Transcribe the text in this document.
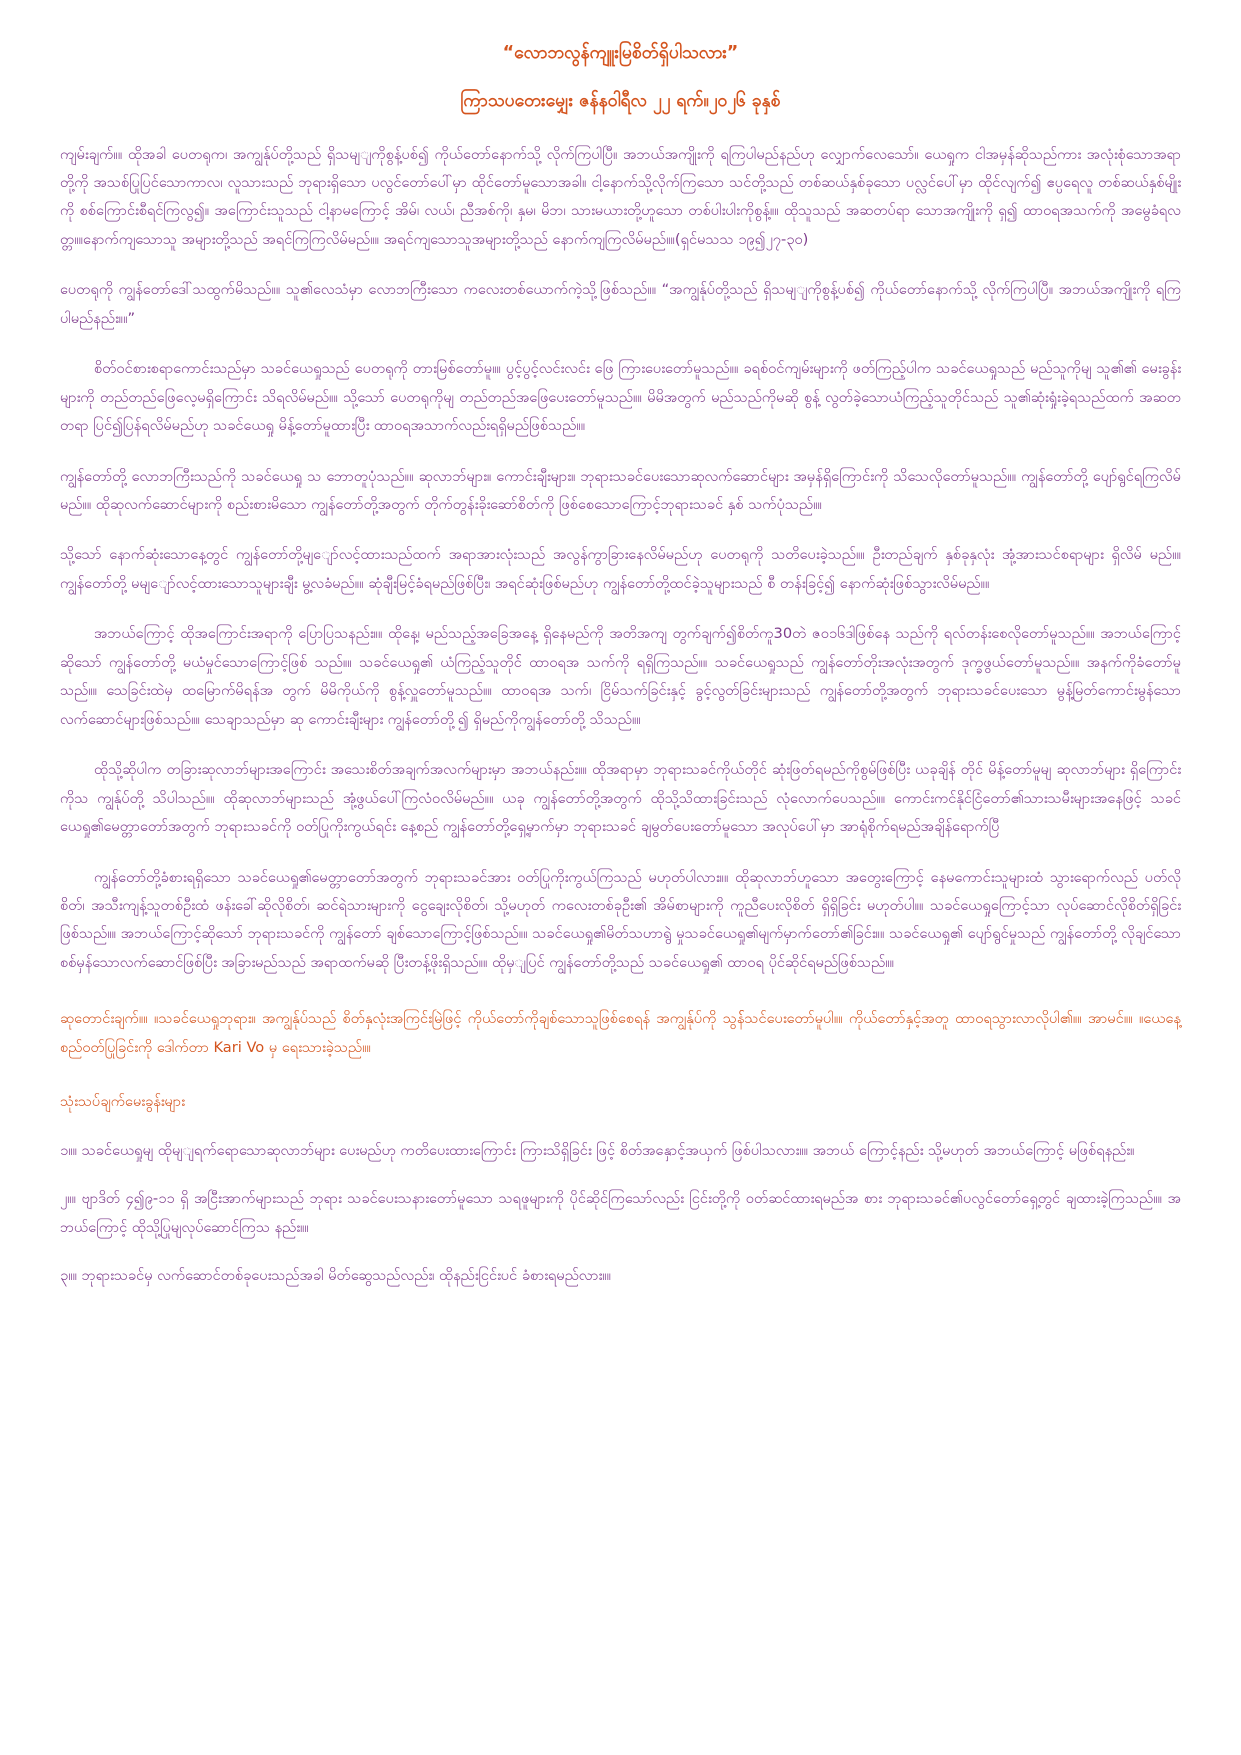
“လောဘလွန်ကျူးမြစိတ်ရှိပါသလား”
ကြာသပတေးမျှေး ဇန်နဝါရီလ ၂၂ ရက်။၂၀၂၆ ခုနှစ်
ကျမ်းချက်။။ ထိုအခါ ပေတရုက၊ အကျွန်ုပ်တို့သည် ရှိသမျျကိုစွန့်ပစ်၍ ကိုယ်တော်နောက်သို့ လိုက်ကြပါပြီ။ အဘယ်အကျိုးကို ရကြပါမည်နည်ဟု လျှောက်လေသော်။ ယေရှုက ငါအမှန်ဆိုသည်ကား အလုံးစုံသောအရာတို့ကို အသစ်ပြုပြင်သောကာလ၊ လူသားသည် ဘုရားရှိသော ပလွင်တော်ပေါ်မှာ ထိုင်တော်မူသောအခါ။ ငါ့နောက်သို့လိုက်ကြသော သင်တို့သည် တစ်ဆယ်နှစ်ခုသော ပလ္လင်ပေါ်မှာ ထိုင်လျက်၍ ဧပ္ပရေလူ တစ်ဆယ်နှစ်မျိုးကို စစ်ကြောင်းစီရင်ကြလွ၍။ အကြောင်းသူသည် ငါ့နာမကြောင့် အိမ်၊ လယ်၊ ညီအစ်ကို၊ နှမ၊ မိဘ၊ သားမယားတို့ဟူသော တစ်ပါးပါးကိုစွန့်။။ ထိုသူသည် အဆတပ်ရာ သောအကျိုးကို ရှ၍ ထာဝရအသက်ကို အမွေခံရလတ္တ။။နောက်ကျသောသူ အများတို့သည် အရင်ကြကြလိမ်မည်။။ အရင်ကျသောသူအများတို့သည် နောက်ကျကြလိမ်မည်။။(ရှင်မသသ ၁၉၍၂၇-၃၀)
ပေတရုကို ကျွန်တော်ဒေါ်သထွက်မိသည်။။ သူ၏လေသံမှာ လောဘကြီးသော ကလေးတစ်ယောက်ကဲ့သို့ဖြစ်သည်။။ “အကျွန်ုပ်တို့သည် ရှိသမျျကိုစွန့်ပစ်၍ ကိုယ်တော်နောက်သို့ လိုက်ကြပါပြီ။ အဘယ်အကျိုးကို ရကြပါမည်နည်း။။”
စိတ်ဝင်စားစရာကောင်းသည်မှာ သခင်ယေရှုသည် ပေတရုကို တားမြစ်တော်မူ။။ ပွင့်ပွင့်လင်းလင်း ဖြေ ကြားပေးတော်မူသည်။။ ခရစ်ဝင်ကျမ်းများကို ဖတ်ကြည့်ပါက သခင်ယေရှုသည် မည်သူကိုမျ သူ၏၏ မေးခွန်းများကို တည်တည်ဖြေလေ့မရှိကြောင်း သိရလိမ်မည်။။ သို့သော် ပေတရုကိုမျ တည်တည်အဖြေပေးတော်မူသည်။။ မိမိအတွက် မည်သည်ကိုမဆို စွန့် လွတ်ခဲ့သောယံကြည့်သူတိုင်သည် သူ၏ဆုံးရှုံးခဲ့ရသည်ထက် အဆတတရာ ပြင်၍ပြန်ရလိမ်မည်ဟု သခင်ယေရှု မိန့်တော်မူထားပြီး ထာဝရအသာက်လည်းရရှိမည်ဖြစ်သည်။။
ကျွန်တော်တို့ လောဘကြီးသည်ကို သခင်ယေရှု သ ဘောတူပုံသည်။။ ဆုလာဘ်များ။ ကောင်းချီးများ။ ဘုရားသခင်ပေးသောဆုလက်ဆောင်များ အမှန်ရှိကြောင်းကို သိသေလိုတော်မူသည်။။ ကျွန်တော်တို့ ပျော်ရွင်ရကြလိမ်မည်။။ ထိုဆုလက်ဆောင်များကို စည်းစားမိသော ကျွန်တော်တို့အတွက် တိုက်တွန်းခိုးဆော်စိတ်ကို ဖြစ်စေသောကြောင့်ဘုရားသခင် နှစ် သက်ပုံသည်။။
သို့သော် နောက်ဆုံးသောနေ့တွင် ကျွန်တော်တို့မျျော်လင့်ထားသည်ထက် အရာအားလုံးသည် အလွန်ကွာခြားနေလိမ်မည်ဟု ပေတရုကို သတိပေးခဲ့သည်။။ ဦးတည်ချက် နှစ်ခုနှလုံး အုံ့အားသင်စရာများ ရှိလိမ် မည်။။ ကျွန်တော်တို့ မမျျော်လင့်ထားသောသူများချီး မွ့လခံမည်။။ ဆုံချီးမြင့်ခံရမည်ဖြစ်ပြီး၊ အရင်ဆုံးဖြစ်မည်ဟု ကျွန်တော်တို့ထင်ခဲ့သူများသည် စီ တန်းခြင့်၍ နောက်ဆုံးဖြစ်သွားလိမ်မည်။။
အဘယ်ကြောင့် ထိုအကြောင်းအရာကို ပြောပြသနည်း။။ ထိုနေ့၊ မည်သည့်အခြေအနေ့ ရှိနေမည်ကို အတိအကျ တွက်ချက်၍စိတ်ကူ30တဲ ဇ၀၁၆ဒါဖြစ်နေ သည်ကို ရလ်တန်းစေလိုတော်မူသည်။။ အဘယ်ကြောင့်ဆိုသော် ကျွန်တော်တို့ မယံမှုင်သောကြောင့်ဖြစ် သည်။။ သခင်ယေရှု၏ ယံကြည့်သူတိုင်် ထာဝရအ သက်ကို ရရှိကြသည်။။ သခင်ယေရှုသည် ကျွန်တော်တိုးအလုံးအတွက် ဒုက္ခဖွယ်တော်မူသည်။။ အနက်ကိုခံတော်မူသည်။။ သေခြင်းထဲမှ ထမြောက်မိရန်အ တွက် မိမိကိုယ်ကို စွန့်လှူတော်မူသည်။။ ထာဝရအ သက်၊ ငြိမ်သက်ခြင်းနှင့် ခွင့်လွတ်ခြင်းများသည် ကျွန်တော်တို့အတွက် ဘုရားသခင်ပေးသော မွန့်မြတ်ကောင်းမွန်သောလက်ဆောင်များဖြစ်သည်။။ သေချာသည်မှာ ဆု ကောင်းချီးများ ကျွန်တော်တို့၍ ရှိမည်ကိုကျွန်တော်တို့ သိသည်။။
ထိုသို့ဆိုပါက တခြားဆုလာဘ်များအကြောင်း အသေးစိတ်အချက်အလက်များမှာ အဘယ်နည်း။။ ထိုအရာမှာ ဘုရားသခင်ကိုယ်တိုင် ဆုံးဖြတ်ရမည်ကိုစွမ်ဖြစ်ပြီး ယခုချိန် တိုင် မိန့်တော်မူမျ ဆုလာဘ်များ ရှိကြောင်းကိုသ ကျွန်ုပ်တို့ သိပါသည်။။ ထိုဆုလာဘ်များသည် အုံ့ဖွယ်ပေါ်ကြလံ၀လိမ်မည်။။ ယခု ကျွန်တော်တို့အတွက် ထိုသို့သိထားခြင်းသည် လုံလောက်ပေသည်။။ ကောင်းကင်နိုင်ငြံတော်၏သားသမီးများအနေဖြင့် သခင်ယေရှု၏မေတ္တာတော်အတွက် ဘုရားသခင်ကို ဝတ်ပြုကိုးကွယ်ရင်း နေ့စည် ကျွန်တော်တို့ရှေ့မှာက်မှာ ဘုရားသခင် ချမွတ်ပေးတော်မူသော အလုပ်ပေါ်မှာ အာရုံစိုက်ရမည်အချိန်ရောက်ပြီ
ကျွန်တော်တို့ခံစားရရှိသော သခင်ယေရှု၏မေတ္တာတော်အတွက် ဘုရားသခင်အား ဝတ်ပြုကိုးကွယ်ကြသည် မဟုတ်ပါလား။။ ထိုဆုလာဘ်ဟူသော အတွေးကြောင့် နေမကောင်းသူများထံ သွားရောက်လည် ပတ်လိုစိတ်၊ အသီးကျန့်သူတစ်ဦးထံ ဖန်းခေါ်ဆိုလိုစိတ်၊ ဆင်ရဲသားများကို ငွေချေးလိုစိတ်၊ သို့မဟုတ် ကလေးတစ်ခုဦး၏ အိမ်စာများကို ကူညီပေးလိုစိတ် ရှိရှိခြင်း မဟုတ်ပါ။။ သခင်ယေရှုကြောင့်သာ လုပ်ဆောင်လိုစိတ်ရှိခြင်းဖြစ်သည်။။ အဘယ်ကြောင့်ဆိုသော် ဘုရားသခင်ကို ကျွန်တော် ချစ်သောကြောင့်ဖြစ်သည်။။ သခင်ယေရှု၏မိတ်သဟာရွဲ မှုသခင်ယေရှု၏မျက်မှာက်တော်၏ခြင်း။။ သခင်ယေရှု၏ ပျော်ရွင်မှုသည် ကျွန်တော်တို့ လိုချင်သော စစ်မှန်သောလက်ဆောင်ဖြစ်ပြီး အခြားမည်သည် အရာထက်မဆို ပြီးတန့်ဖိုးရှိသည်။။ ထိုမှျပြင် ကျွန်တော်တို့သည် သခင်ယေရှု၏ ထာဝရ ပိုင်ဆိုင်ရမည်ဖြစ်သည်။။
ဆုတောင်းချက်။။ ။သခင်ယေရှုဘုရား။ အကျွန်ုပ်သည် စိတ်နှလုံးအကြင်းမြဲဖြင့် ကိုယ်တော်ကိုချစ်သောသူဖြစ်စေရန် အကျွန်ုပ်ကို သွန််သင်ပေးတော်မူပါ။။ ကိုယ်တော်နှင့်အတူ ထာဝရသွားလာလိုပါ၏။။ အာမင်။။ ။ယေနေ့စည်ဝတ်ပြုခြင်းကို ဒေါက်တာ Kari Vo မှ ရေးသားခဲ့သည်။။
သုံးသပ်ချက်မေးခွန်းများ
၁။။ သခင်ယေရှုမျ ထိုမျျရက်ရောသောဆုလာဘ်များ ပေးမည်ဟု ကတိပေးထားကြောင်း ကြားသိရှိခြင်း ဖြင့် စိတ်အနှောင့်အယှက် ဖြစ်ပါသလား။။ အဘယ် ကြောင့်နည်း သို့မဟုတ် အဘယ်ကြောင့် မဖြစ်ရနည်း။
၂။။ ဗျာဒိတ် ၄၍၉-၁၁ ရှိ အငြီးအာက်များသည် ဘုရား သခင်ပေးသနားတော်မူသော သရဖူများကို ပိုင်ဆိုင်ကြသော်လည်း ငြင်းတို့ကို ဝတ်ဆင်ထားရမည်အ စား ဘုရားသခင်၏ပလွင်တော်ရှေ့တွင် ချထားခဲ့ကြသည်။။ အဘယ်ကြောင့် ထိုသို့ပြုမျလုပ်ဆောင်ကြသ နည်း။။
၃။။ ဘုရားသခင်မှ လက်ဆောင်တစ်ခုပေးသည်အခါ မိတ်ဆွေသည်လည်း၊ ထိုနည်းငြင်းပင် ခံစားရမည်လား။။
